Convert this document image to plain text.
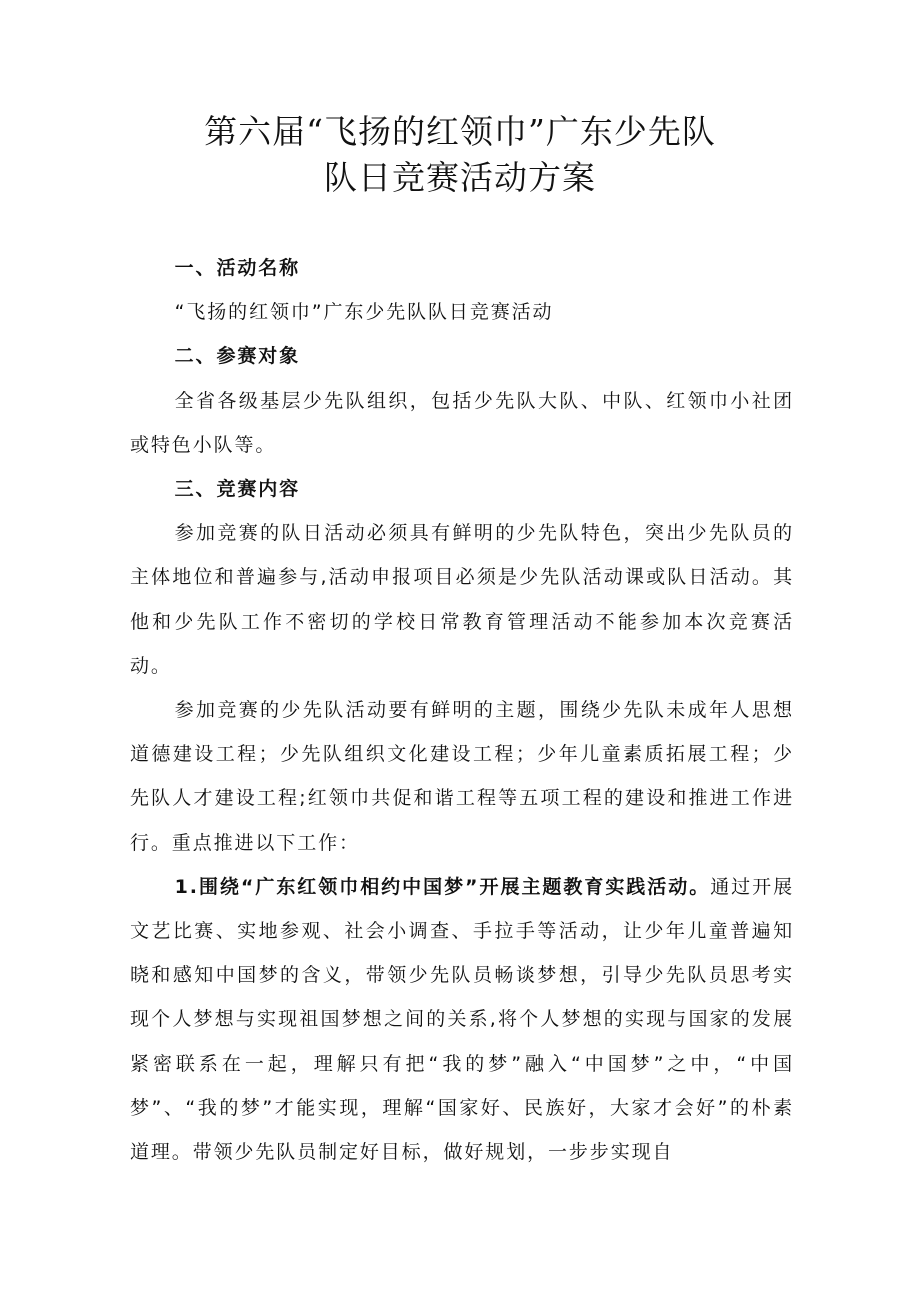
第六届“飞扬的红领巾”广东少先队
队日竞赛活动方案

一、活动名称

“飞扬的红领巾”广东少先队队日竞赛活动

二、参赛对象

全省各级基层少先队组织，包括少先队大队、中队、红领巾小社团或特色小队等。

三、竞赛内容

参加竞赛的队日活动必须具有鲜明的少先队特色，突出少先队员的主体地位和普遍参与,活动申报项目必须是少先队活动课或队日活动。其他和少先队工作不密切的学校日常教育管理活动不能参加本次竞赛活动。

参加竞赛的少先队活动要有鲜明的主题，围绕少先队未成年人思想道德建设工程；少先队组织文化建设工程；少年儿童素质拓展工程；少先队人才建设工程;红领巾共促和谐工程等五项工程的建设和推进工作进行。重点推进以下工作：

1.围绕“广东红领巾相约中国梦”开展主题教育实践活动。通过开展文艺比赛、实地参观、社会小调查、手拉手等活动，让少年儿童普遍知晓和感知中国梦的含义，带领少先队员畅谈梦想，引导少先队员思考实现个人梦想与实现祖国梦想之间的关系,将个人梦想的实现与国家的发展紧密联系在一起，理解只有把“我的梦”融入“中国梦”之中，“中国梦”、“我的梦”才能实现，理解“国家好、民族好，大家才会好”的朴素道理。带领少先队员制定好目标，做好规划，一步步实现自
